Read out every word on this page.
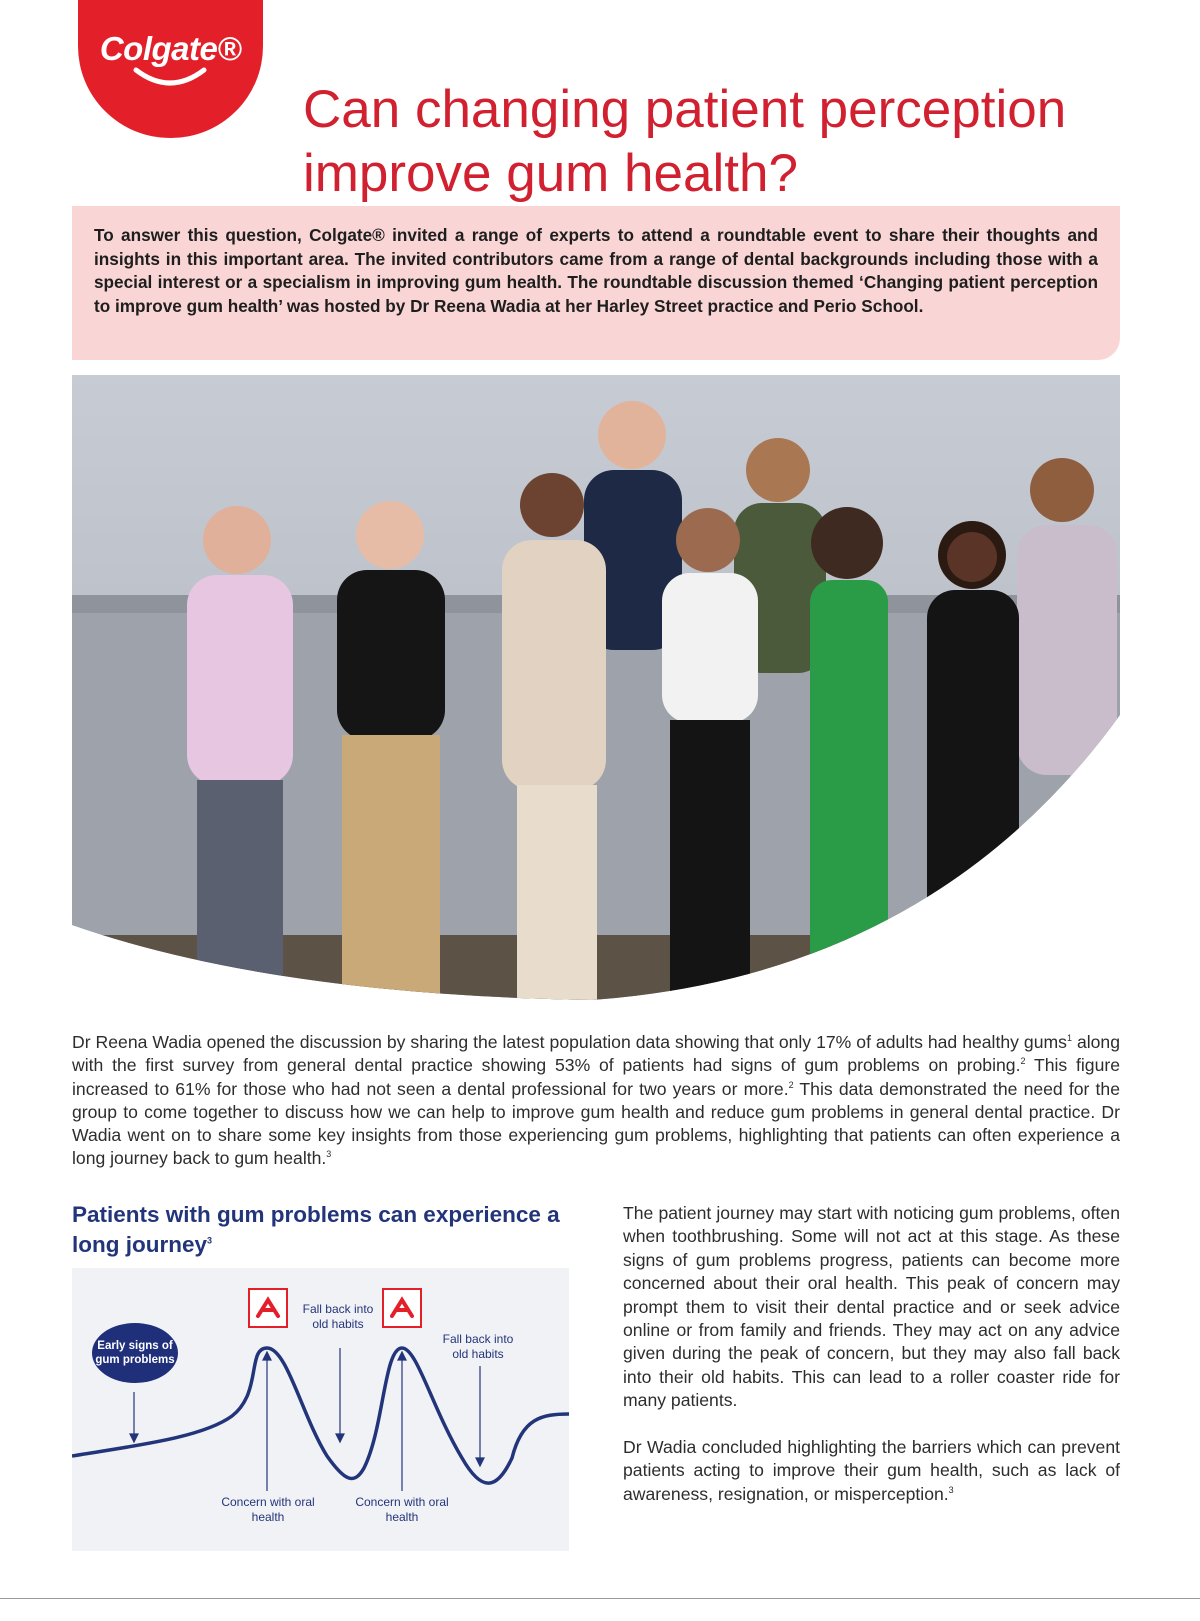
Colgate®
Can changing patient perception improve gum health?

To answer this question, Colgate® invited a range of experts to attend a roundtable event to share their thoughts and insights in this important area. The invited contributors came from a range of dental backgrounds including those with a special interest or a specialism in improving gum health. The roundtable discussion themed ‘Changing patient perception to improve gum health’ was hosted by Dr Reena Wadia at her Harley Street practice and Perio School.

Dr Reena Wadia opened the discussion by sharing the latest population data showing that only 17% of adults had healthy gums$^1$ along with the first survey from general dental practice showing 53% of patients had signs of gum problems on probing.$^2$ This figure increased to 61% for those who had not seen a dental professional for two years or more.$^2$ This data demonstrated the need for the group to come together to discuss how we can help to improve gum health and reduce gum problems in general dental practice. Dr Wadia went on to share some key insights from those experiencing gum problems, highlighting that patients can often experience a long journey back to gum health.$^3$

Patients with gum problems can experience a long journey$^3$
Early signs of gum problems
Fall back into old habits
Fall back into old habits
Concern with oral health
Concern with oral health

The patient journey may start with noticing gum problems, often when toothbrushing. Some will not act at this stage. As these signs of gum problems progress, patients can become more concerned about their oral health. This peak of concern may prompt them to visit their dental practice and or seek advice online or from family and friends. They may act on any advice given during the peak of concern, but they may also fall back into their old habits. This can lead to a roller coaster ride for many patients.

Dr Wadia concluded highlighting the barriers which can prevent patients acting to improve their gum health, such as lack of awareness, resignation, or misperception.$^3$
